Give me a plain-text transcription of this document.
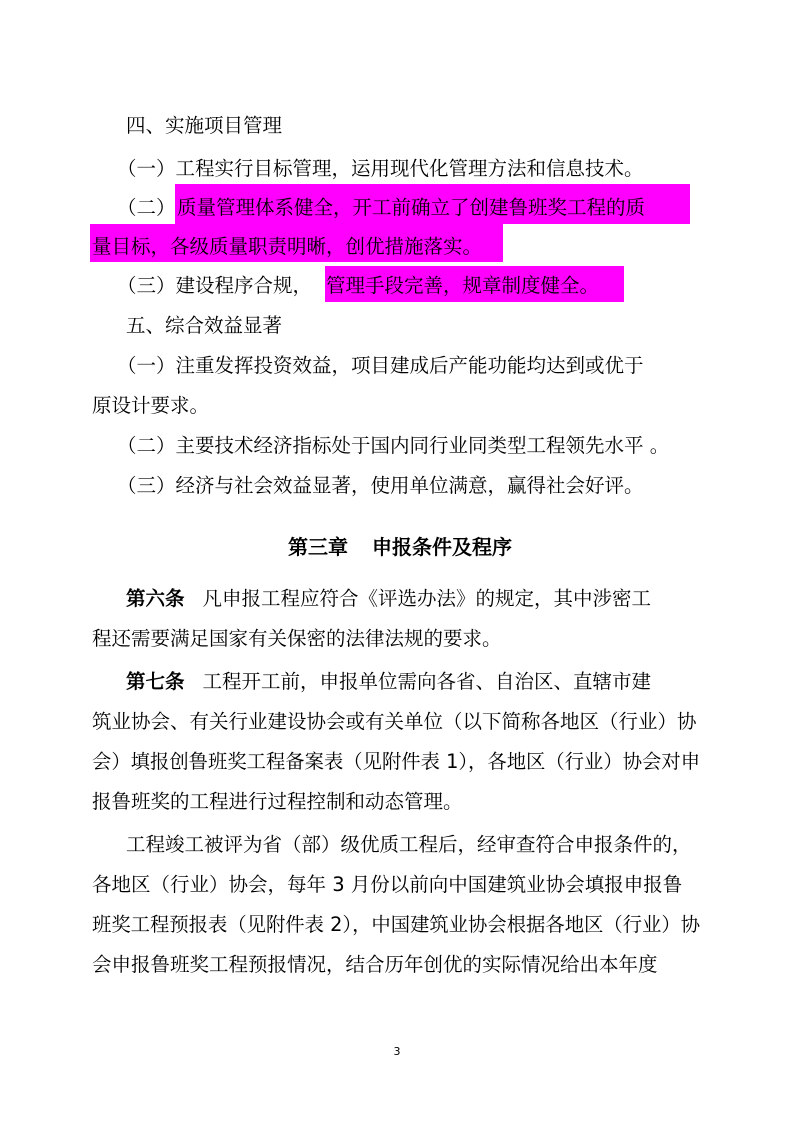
四、实施项目管理
（一）工程实行目标管理，运用现代化管理方法和信息技术。
（二） 质量管理体系健全，开工前确立了创建鲁班奖工程的质
量目标，各级质量职责明晰，创优措施落实。
（三）建设程序合规， 管理手段完善，规章制度健全。
五、综合效益显著
（一）注重发挥投资效益，项目建成后产能功能均达到或优于
原设计要求。
（二）主要技术经济指标处于国内同行业同类型工程领先水平 。
（三）经济与社会效益显著，使用单位满意，赢得社会好评。
第三章 申报条件及程序
第六条 凡申报工程应符合《评选办法》的规定，其中涉密工
程还需要满足国家有关保密的法律法规的要求。
第七条 工程开工前，申报单位需向各省、自治区、直辖市建
筑业协会、有关行业建设协会或有关单位（以下简称各地区（行业）协
会）填报创鲁班奖工程备案表（见附件表 1），各地区（行业）协会对申
报鲁班奖的工程进行过程控制和动态管理。
工程竣工被评为省（部）级优质工程后，经审查符合申报条件的，
各地区（行业）协会，每年 3 月份以前向中国建筑业协会填报申报鲁
班奖工程预报表（见附件表 2），中国建筑业协会根据各地区（行业）协
会申报鲁班奖工程预报情况，结合历年创优的实际情况给出本年度
3
